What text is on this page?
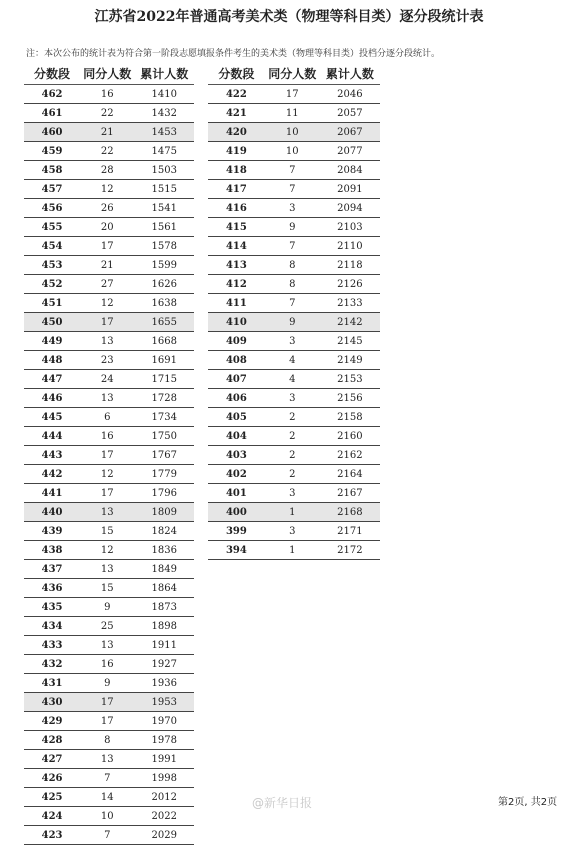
江苏省2022年普通高考美术类（物理等科目类）逐分段统计表
注：本次公布的统计表为符合第一阶段志愿填报条件考生的美术类（物理等科目类）投档分逐分段统计。
分数段	同分人数	累计人数
462	16	1410
461	22	1432
460	21	1453
459	22	1475
458	28	1503
457	12	1515
456	26	1541
455	20	1561
454	17	1578
453	21	1599
452	27	1626
451	12	1638
450	17	1655
449	13	1668
448	23	1691
447	24	1715
446	13	1728
445	6	1734
444	16	1750
443	17	1767
442	12	1779
441	17	1796
440	13	1809
439	15	1824
438	12	1836
437	13	1849
436	15	1864
435	9	1873
434	25	1898
433	13	1911
432	16	1927
431	9	1936
430	17	1953
429	17	1970
428	8	1978
427	13	1991
426	7	1998
425	14	2012
424	10	2022
423	7	2029
分数段	同分人数	累计人数
422	17	2046
421	11	2057
420	10	2067
419	10	2077
418	7	2084
417	7	2091
416	3	2094
415	9	2103
414	7	2110
413	8	2118
412	8	2126
411	7	2133
410	9	2142
409	3	2145
408	4	2149
407	4	2153
406	3	2156
405	2	2158
404	2	2160
403	2	2162
402	2	2164
401	3	2167
400	1	2168
399	3	2171
394	1	2172
@新华日报	第2页, 共2页
